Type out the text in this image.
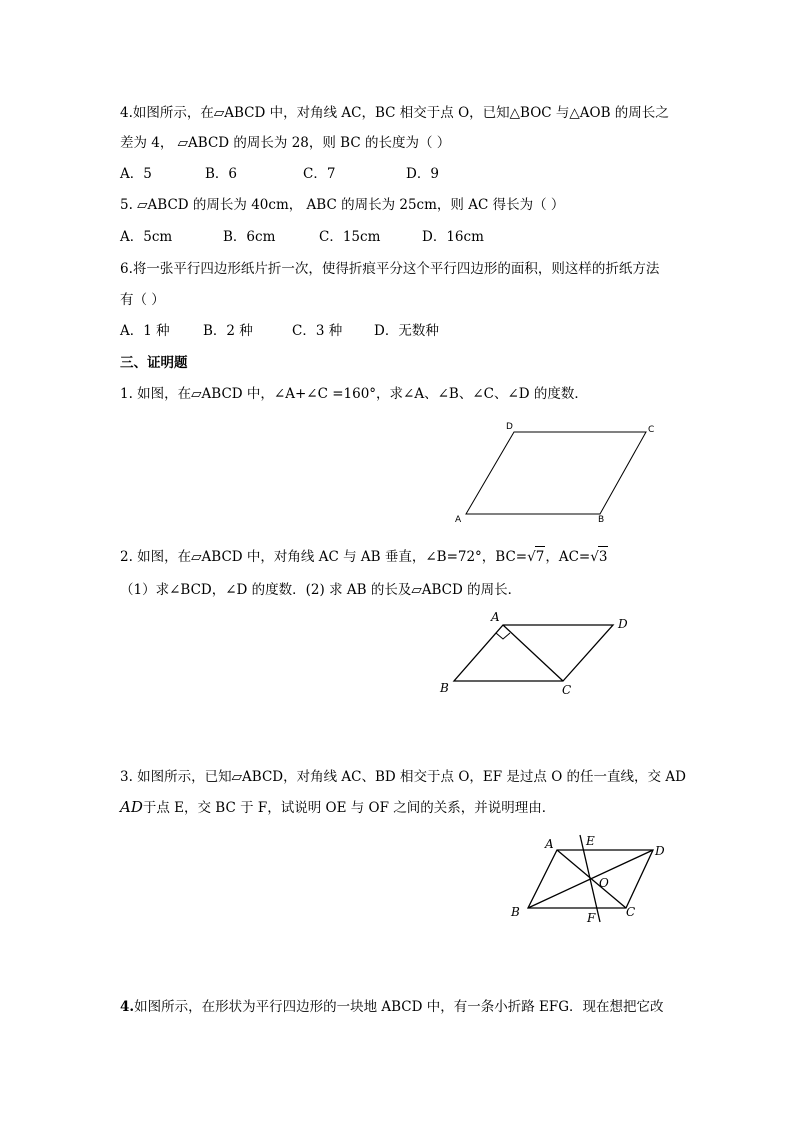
4.如图所示，在▱ABCD 中，对角线 AC，BC 相交于点 O，已知△BOC 与△AOB 的周长之
差为 4， ▱ABCD 的周长为 28，则 BC 的长度为（ ）
A．5	B．6	C．7	D．9
5. ▱ABCD 的周长为 40cm， ABC 的周长为 25cm，则 AC 得长为（ ）
A．5cm	B．6cm	C．15cm	D．16cm
6.将一张平行四边形纸片折一次，使得折痕平分这个平行四边形的面积，则这样的折纸方法
有（ ）
A．1 种 B．2 种	C．3 种 D．无数种
三、证明题
1. 如图，在▱ABCD 中，∠A+∠C =160°，求∠A、∠B、∠C、∠D 的度数．
A	B
C
D
2. 如图，在▱ABCD 中，对角线 AC 与 AB 垂直，∠B=72°，BC=√7，AC=√3
（1）求∠BCD，∠D 的度数．(2) 求 AB 的长及▱ABCD 的周长．
A
B	C
D
3. 如图所示，已知▱ABCD，对角线 AC、BD 相交于点 O，EF 是过点 O 的任一直线，交 AD
AD于点 E，交 BC 于 F，试说明 OE 与 OF 之间的关系，并说明理由．
A
B	C
D
E
F
O
4.如图所示，在形状为平行四边形的一块地 ABCD 中，有一条小折路 EFG．现在想把它改
